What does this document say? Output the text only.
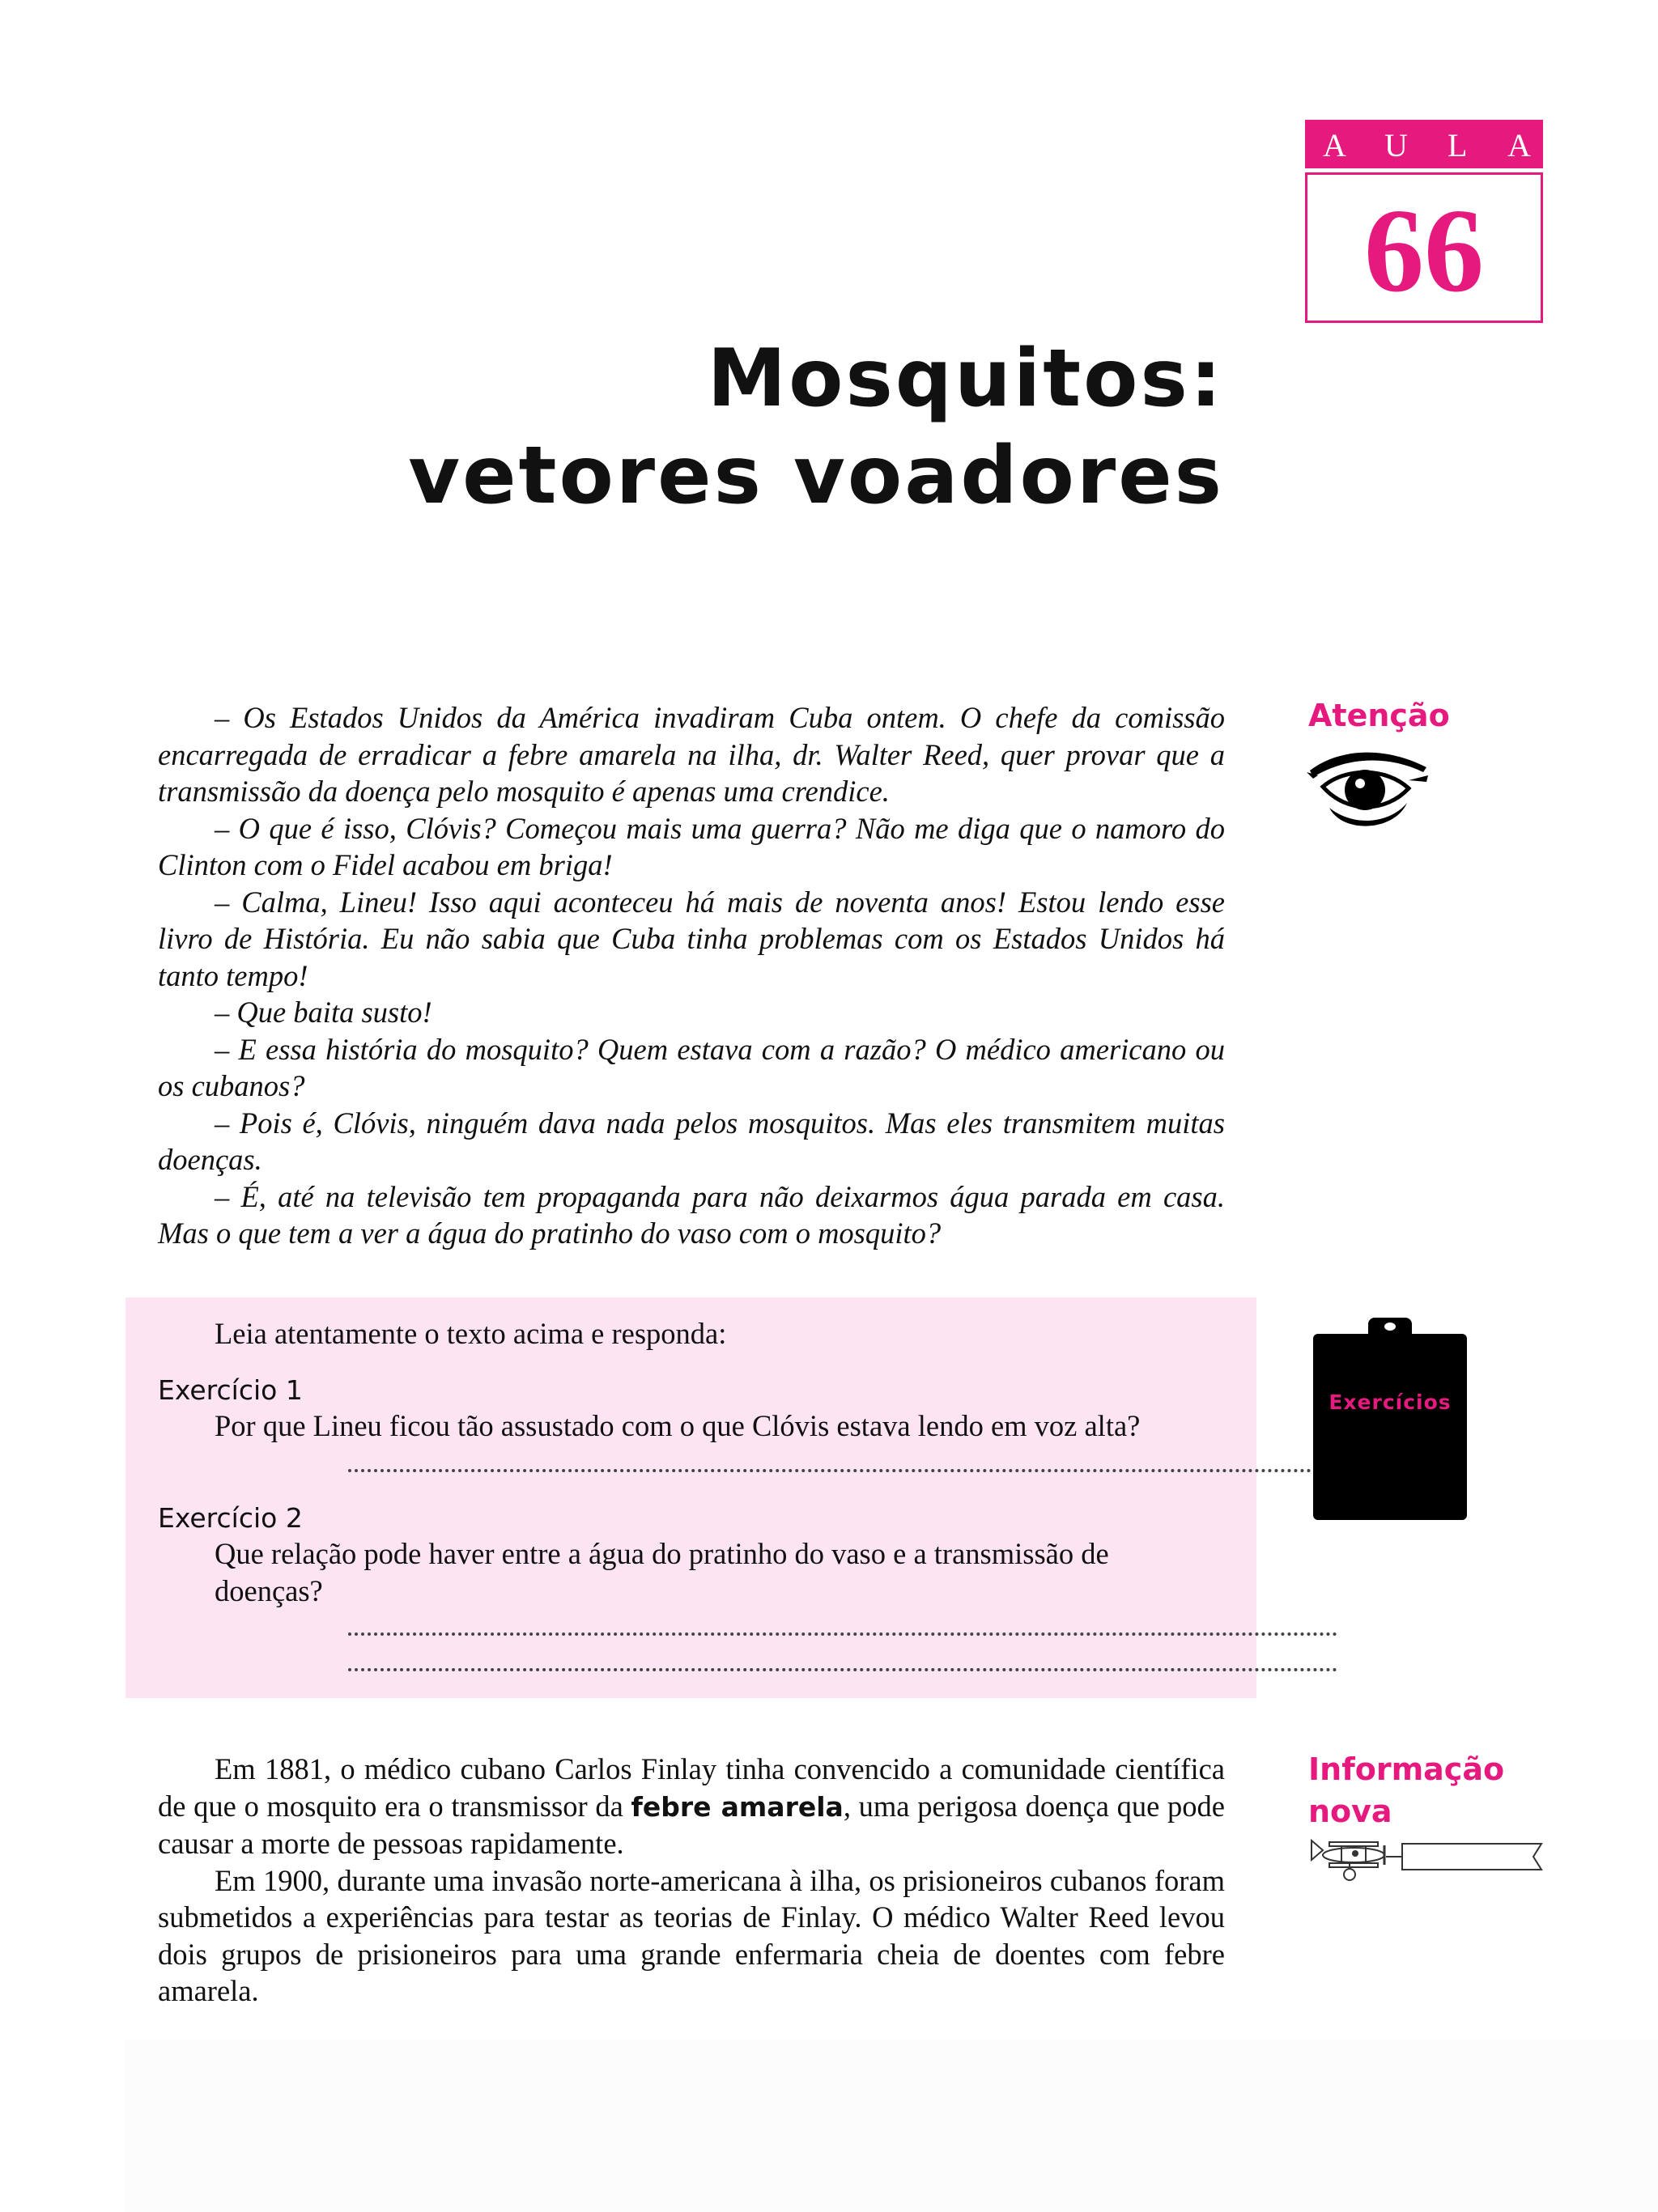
A U L A
66
Mosquitos:
vetores voadores
Atenção

– Os Estados Unidos da América invadiram Cuba ontem. O chefe da comissão encarregada de erradicar a febre amarela na ilha, dr. Walter Reed, quer provar que a transmissão da doença pelo mosquito é apenas uma crendice.

– O que é isso, Clóvis? Começou mais uma guerra? Não me diga que o namoro do Clinton com o Fidel acabou em briga!

– Calma, Lineu! Isso aqui aconteceu há mais de noventa anos! Estou lendo esse livro de História. Eu não sabia que Cuba tinha problemas com os Estados Unidos há tanto tempo!

– Que baita susto!

– E essa história do mosquito? Quem estava com a razão? O médico americano ou os cubanos?

– Pois é, Clóvis, ninguém dava nada pelos mosquitos. Mas eles transmitem muitas doenças.

– É, até na televisão tem propaganda para não deixarmos água parada em casa. Mas o que tem a ver a água do pratinho do vaso com o mosquito?

Leia atentamente o texto acima e responda:
Exercício 1
Por que Lineu ficou tão assustado com o que Clóvis estava lendo em voz alta?
Exercício 2
Que relação pode haver entre a água do pratinho do vaso e a transmissão de
doenças?
Exercícios
Informação
nova

Em 1881, o médico cubano Carlos Finlay tinha convencido a comunidade científica de que o mosquito era o transmissor da febre amarela, uma perigosa doença que pode causar a morte de pessoas rapidamente.

Em 1900, durante uma invasão norte-americana à ilha, os prisioneiros cubanos foram submetidos a experiências para testar as teorias de Finlay. O médico Walter Reed levou dois grupos de prisioneiros para uma grande enfermaria cheia de doentes com febre amarela.
